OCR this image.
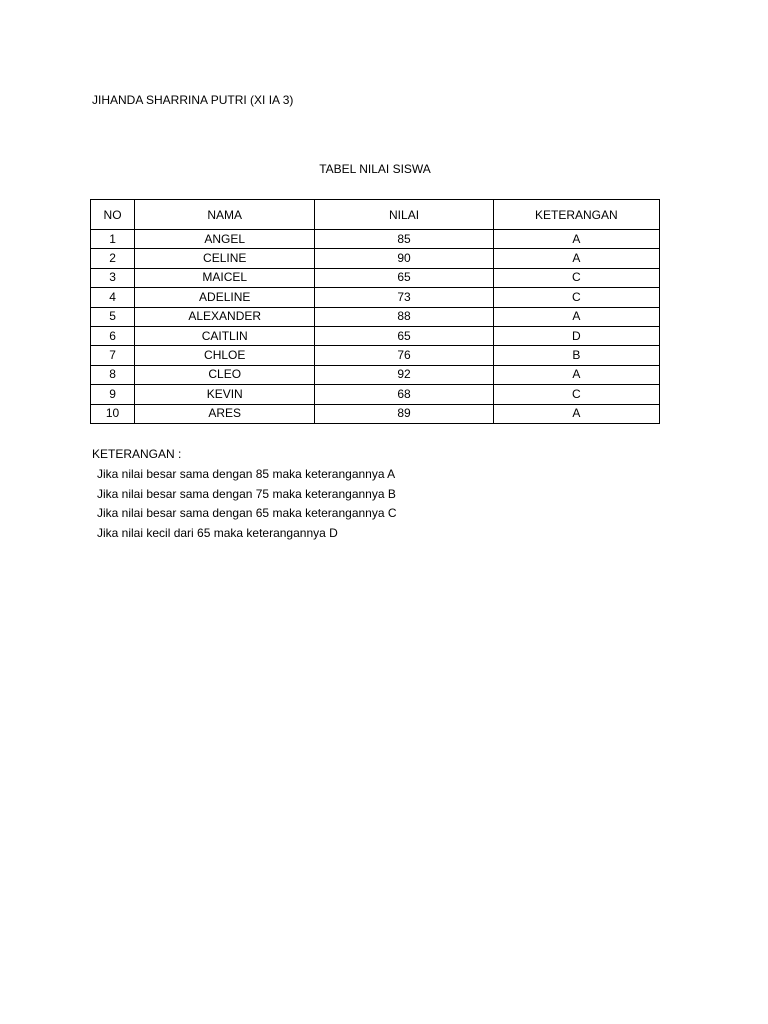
JIHANDA SHARRINA PUTRI (XI IA 3)
TABEL NILAI SISWA
NO	NAMA	NILAI	KETERANGAN
1	ANGEL	85	A
2	CELINE	90	A
3	MAICEL	65	C
4	ADELINE	73	C
5	ALEXANDER	88	A
6	CAITLIN	65	D
7	CHLOE	76	B
8	CLEO	92	A
9	KEVIN	68	C
10	ARES	89	A
KETERANGAN :
Jika nilai besar sama dengan 85 maka keterangannya A
Jika nilai besar sama dengan 75 maka keterangannya B
Jika nilai besar sama dengan 65 maka keterangannya C
Jika nilai kecil dari 65 maka keterangannya D
